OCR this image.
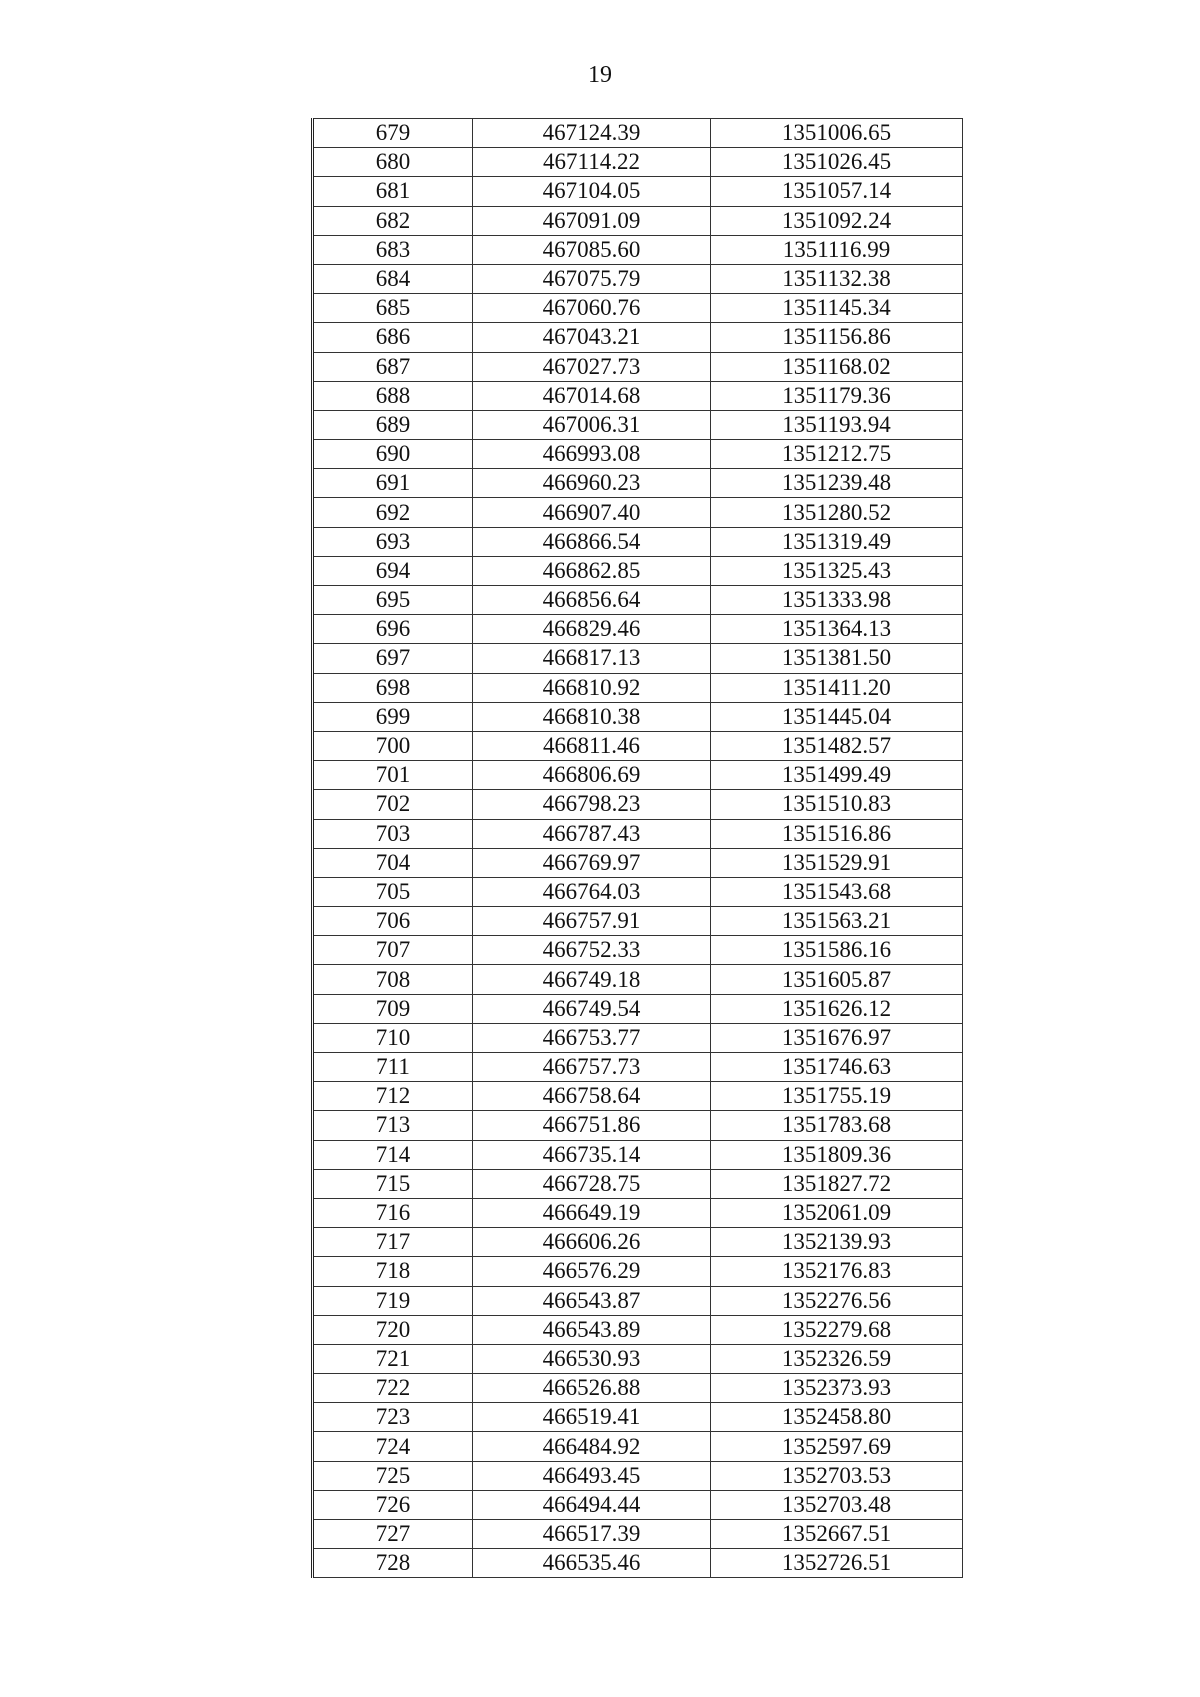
19
679	467124.39	1351006.65
680	467114.22	1351026.45
681	467104.05	1351057.14
682	467091.09	1351092.24
683	467085.60	1351116.99
684	467075.79	1351132.38
685	467060.76	1351145.34
686	467043.21	1351156.86
687	467027.73	1351168.02
688	467014.68	1351179.36
689	467006.31	1351193.94
690	466993.08	1351212.75
691	466960.23	1351239.48
692	466907.40	1351280.52
693	466866.54	1351319.49
694	466862.85	1351325.43
695	466856.64	1351333.98
696	466829.46	1351364.13
697	466817.13	1351381.50
698	466810.92	1351411.20
699	466810.38	1351445.04
700	466811.46	1351482.57
701	466806.69	1351499.49
702	466798.23	1351510.83
703	466787.43	1351516.86
704	466769.97	1351529.91
705	466764.03	1351543.68
706	466757.91	1351563.21
707	466752.33	1351586.16
708	466749.18	1351605.87
709	466749.54	1351626.12
710	466753.77	1351676.97
711	466757.73	1351746.63
712	466758.64	1351755.19
713	466751.86	1351783.68
714	466735.14	1351809.36
715	466728.75	1351827.72
716	466649.19	1352061.09
717	466606.26	1352139.93
718	466576.29	1352176.83
719	466543.87	1352276.56
720	466543.89	1352279.68
721	466530.93	1352326.59
722	466526.88	1352373.93
723	466519.41	1352458.80
724	466484.92	1352597.69
725	466493.45	1352703.53
726	466494.44	1352703.48
727	466517.39	1352667.51
728	466535.46	1352726.51
